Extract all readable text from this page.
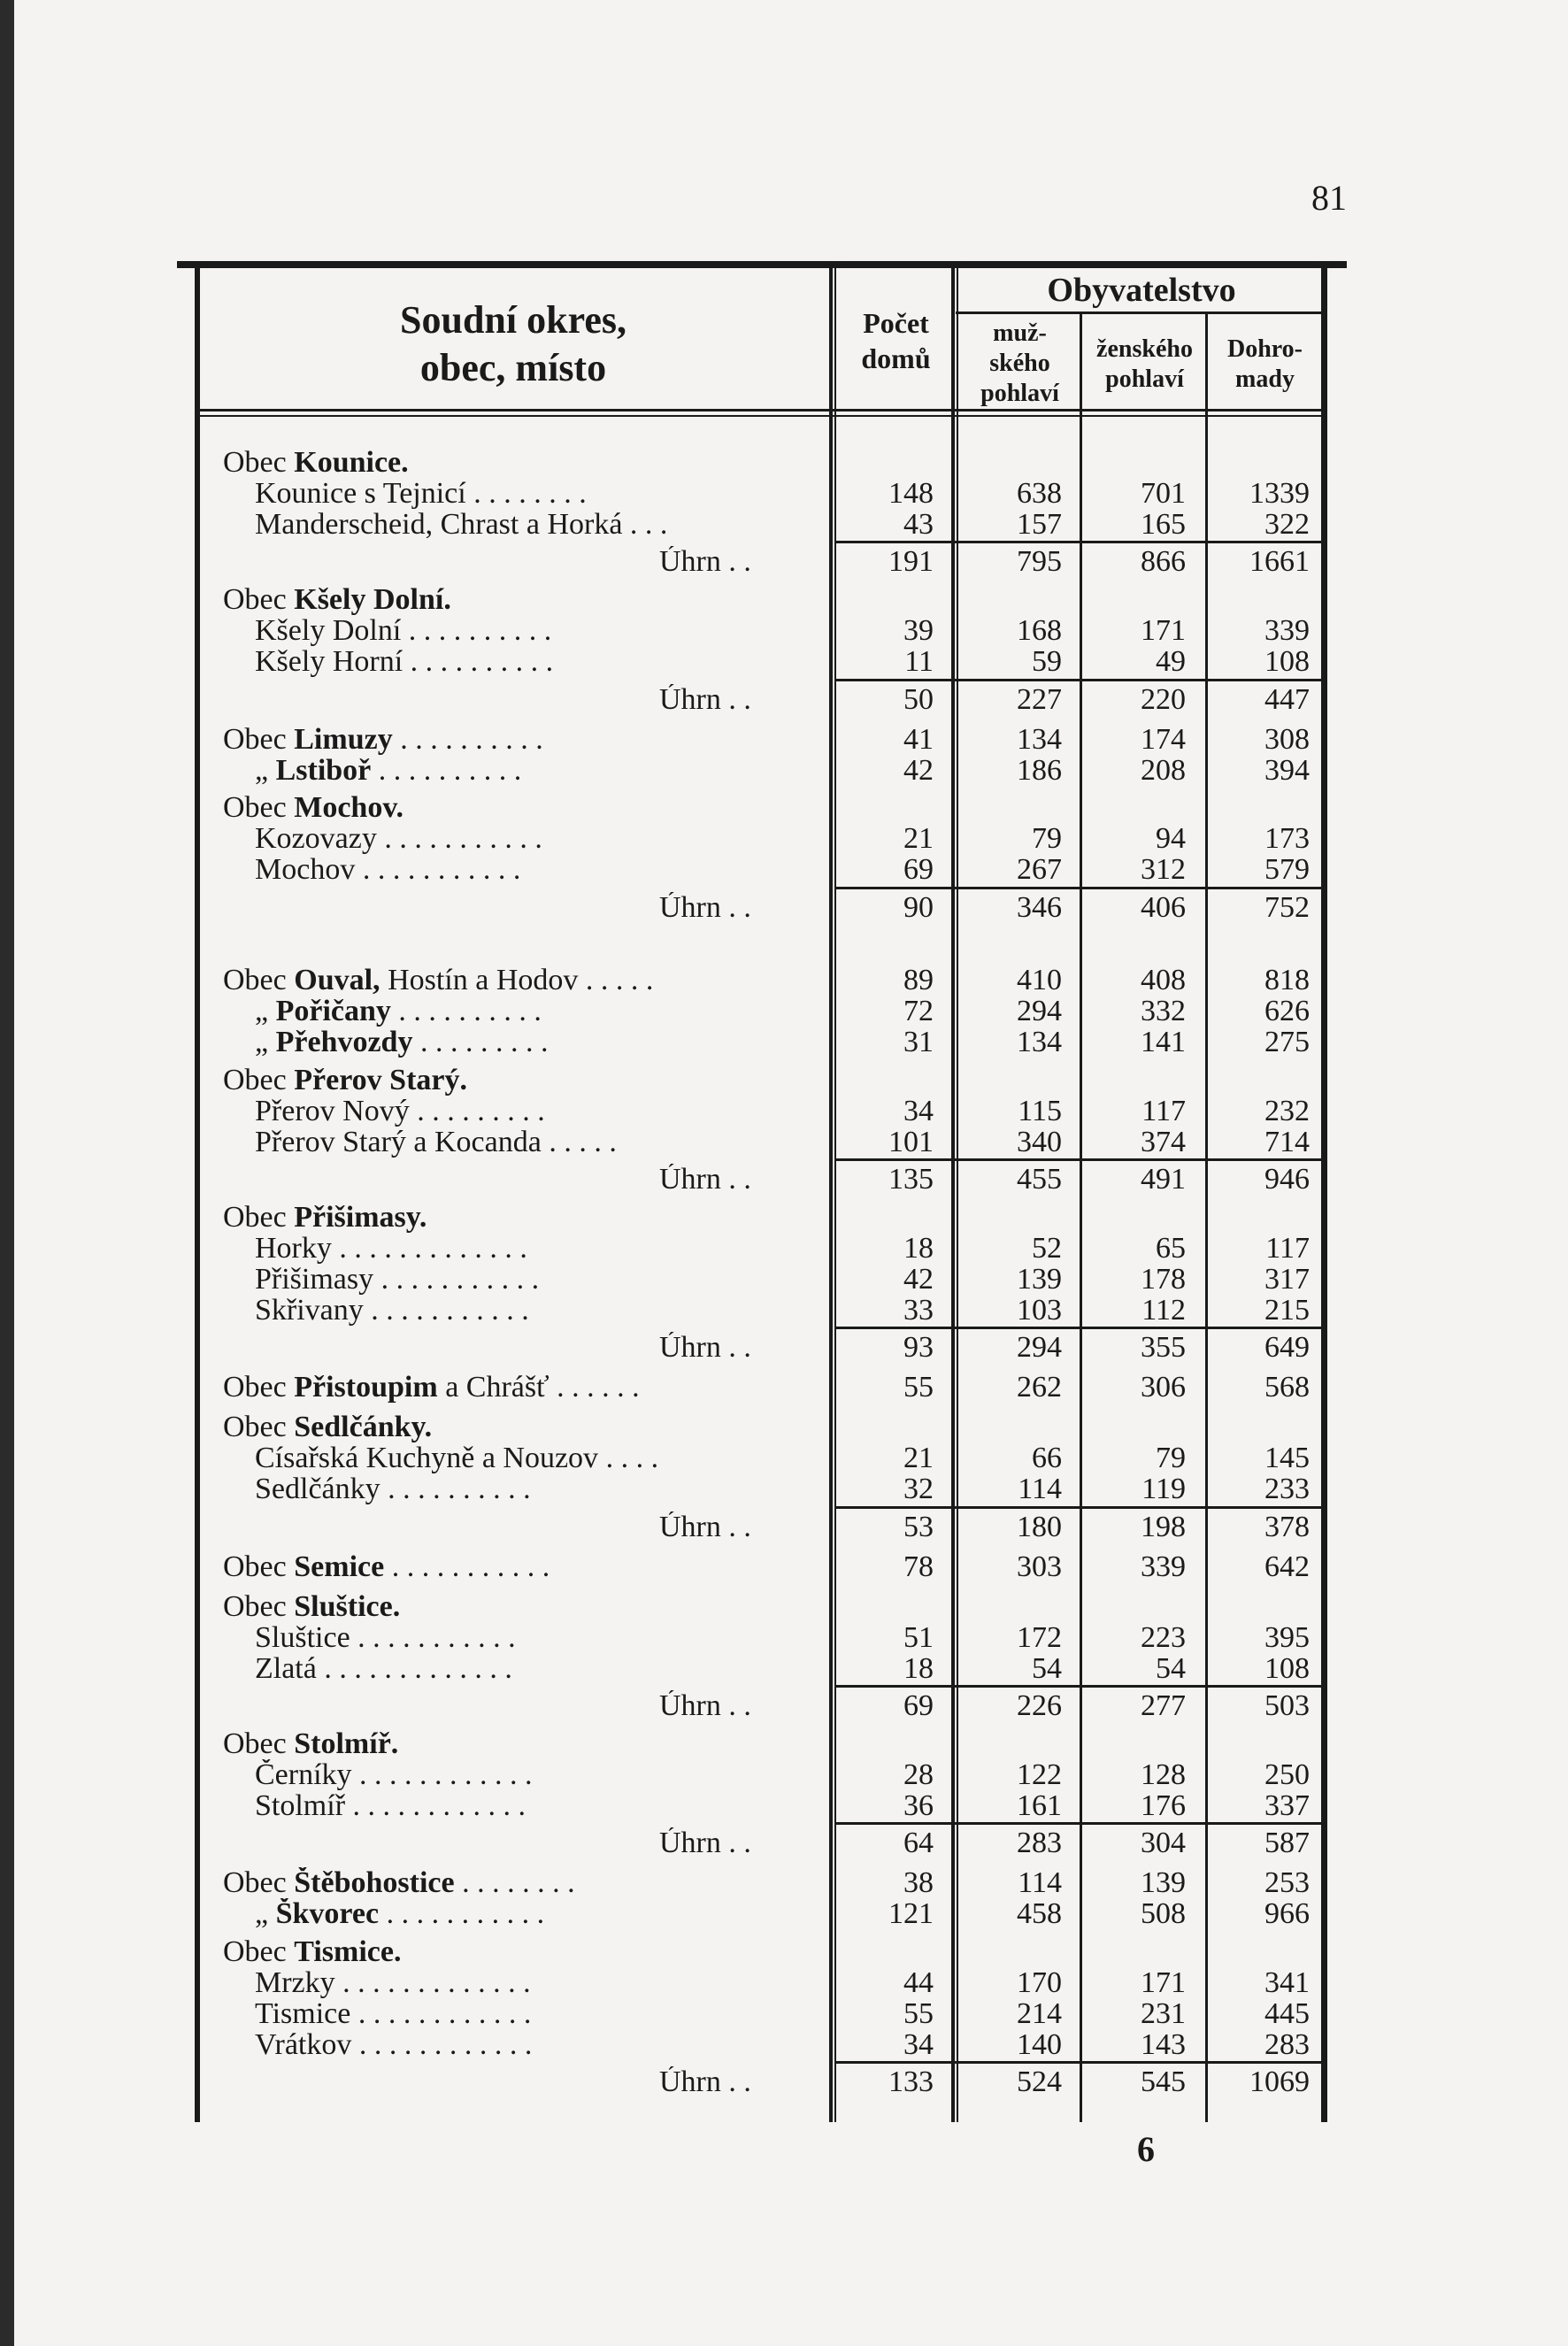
81
Soudní okres,
obec, místo
Počet
domů
Obyvatelstvo
muž-
ského
pohlaví
ženského
pohlaví
Dohro-
mady
Obec Kounice.
Kounice s Tejnicí . . . . . . . .	148	638	701	1339
Manderscheid, Chrast a Horká . . .	43	157	165	322
Úhrn . .	191	795	866	1661
Obec Kšely Dolní.
Kšely Dolní . . . . . . . . . .	39	168	171	339
Kšely Horní . . . . . . . . . .	11	59	49	108
Úhrn . .	50	227	220	447
Obec Limuzy . . . . . . . . . .	41	134	174	308
„ Lstiboř . . . . . . . . . .	42	186	208	394
Obec Mochov.
Kozovazy . . . . . . . . . . .	21	79	94	173
Mochov . . . . . . . . . . .	69	267	312	579
Úhrn . .	90	346	406	752
Obec Ouval, Hostín a Hodov . . . . .	89	410	408	818
„ Pořičany . . . . . . . . . .	72	294	332	626
„ Přehvozdy . . . . . . . . .	31	134	141	275
Obec Přerov Starý.
Přerov Nový . . . . . . . . .	34	115	117	232
Přerov Starý a Kocanda . . . . .	101	340	374	714
Úhrn . .	135	455	491	946
Obec Přišimasy.
Horky . . . . . . . . . . . . .	18	52	65	117
Přišimasy . . . . . . . . . . .	42	139	178	317
Skřivany . . . . . . . . . . .	33	103	112	215
Úhrn . .	93	294	355	649
Obec Přistoupim a Chrášť . . . . . .	55	262	306	568
Obec Sedlčánky.
Císařská Kuchyně a Nouzov . . . .	21	66	79	145
Sedlčánky . . . . . . . . . .	32	114	119	233
Úhrn . .	53	180	198	378
Obec Semice . . . . . . . . . . .	78	303	339	642
Obec Sluštice.
Sluštice . . . . . . . . . . .	51	172	223	395
Zlatá . . . . . . . . . . . . .	18	54	54	108
Úhrn . .	69	226	277	503
Obec Stolmíř.
Černíky . . . . . . . . . . . .	28	122	128	250
Stolmíř . . . . . . . . . . . .	36	161	176	337
Úhrn . .	64	283	304	587
Obec Štěbohostice . . . . . . . .	38	114	139	253
„ Škvorec . . . . . . . . . . .	121	458	508	966
Obec Tismice.
Mrzky . . . . . . . . . . . . .	44	170	171	341
Tismice . . . . . . . . . . . .	55	214	231	445
Vrátkov . . . . . . . . . . . .	34	140	143	283
Úhrn . .	133	524	545	1069
6
